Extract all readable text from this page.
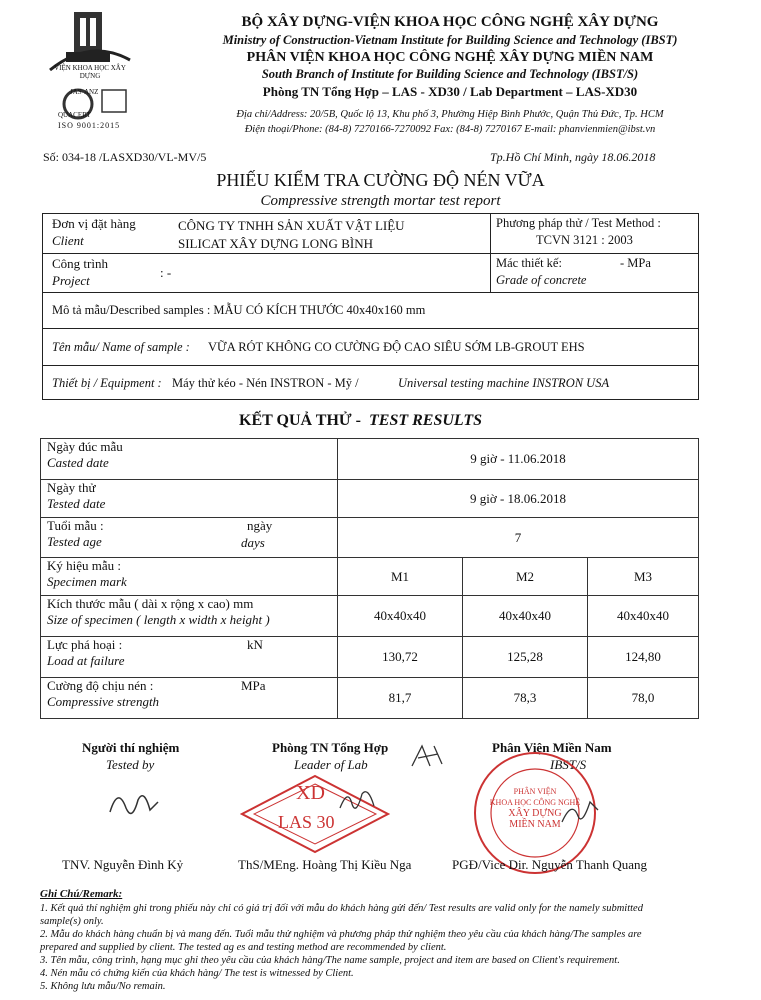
VIỆN KHOA HỌC XÂY DỰNG
JAS-ANZ
QUACERT
ISO 9001:2015
BỘ XÂY DỰNG-VIỆN KHOA HỌC CÔNG NGHỆ XÂY DỰNG
Ministry of Construction-Vietnam Institute for Building Science and Technology (IBST)
PHÂN VIỆN KHOA HỌC CÔNG NGHỆ XÂY DỰNG MIỀN NAM
South Branch of Institute for Building Science and Technology (IBST/S)
Phòng TN Tổng Hợp – LAS - XD30 / Lab Department – LAS-XD30
Địa chỉ/Address: 20/5B, Quốc lộ 13, Khu phố 3, Phường Hiệp Bình Phước, Quận Thủ Đức, Tp. HCM
Điện thoại/Phone: (84-8) 7270166-7270092 Fax: (84-8) 7270167 E-mail: phanvienmien@ibst.vn
Số: 034-18 /LASXD30/VL-MV/5	Tp.Hồ Chí Minh, ngày 18.06.2018
PHIẾU KIỂM TRA CƯỜNG ĐỘ NÉN VỮA
Compressive strength mortar test report
Đơn vị đặt hàng
Client
CÔNG TY TNHH SẢN XUẤT VẬT LIỆU
SILICAT XÂY DỰNG LONG BÌNH
Phương pháp thử / Test Method :
TCVN 3121 : 2003
Công trình
Project
: -
Mác thiết kế:	- MPa
Grade of concrete
Mô tả mẫu/Described samples : MẪU CÓ KÍCH THƯỚC 40x40x160 mm
Tên mẫu/ Name of sample : VỮA RÓT KHÔNG CO CƯỜNG ĐỘ CAO SIÊU SỚM LB-GROUT EHS
Thiết bị / Equipment : Máy thử kéo - Nén INSTRON - Mỹ /	Universal testing machine INSTRON USA
KẾT QUẢ THỬ - TEST RESULTS
Ngày đúc mẫu
Casted date	9 giờ - 11.06.2018		

Ngày thử
Tested date	9 giờ - 18.06.2018		

Tuổi mẫu :
Tested age
ngày
days	7		

Ký hiệu mẫu :
Specimen mark	M1	M2	M3

Kích thước mẫu ( dài x rộng x cao) mm
Size of specimen ( length x width x height )	40x40x40	40x40x40	40x40x40

Lực phá hoại :
Load at failure
kN	130,72	125,28	124,80

Cường độ chịu nén :
Compressive strength
MPa	81,7	78,3	78,0
Người thí nghiệm
Tested by
TNV. Nguyễn Đình Kỷ
Phòng TN Tổng Hợp
Leader of Lab
XD
LAS 30
ThS/MEng. Hoàng Thị Kiều Nga
Phân Viện Miền Nam
IBST/S
PHÂN VIỆN
KHOA HỌC CÔNG NGHỆ
XÂY DỰNG
MIỀN NAM
PGĐ/Vice Dir. Nguyễn Thanh Quang
Ghi Chú/Remark:
1. Kết quả thí nghiệm ghi trong phiếu này chỉ có giá trị đối với mẫu do khách hàng gửi đến/ Test results are valid only for the namely submitted
sample(s) only.
2. Mẫu do khách hàng chuẩn bị và mang đến. Tuổi mẫu thử nghiệm và phương pháp thử nghiệm theo yêu cầu của khách hàng/The samples are
prepared and supplied by client. The tested ag es and testing method are recommended by client.
3. Tên mẫu, công trình, hạng mục ghi theo yêu cầu của khách hàng/The name sample, project and item are based on Client's requirement.
4. Nén mẫu có chứng kiến của khách hàng/ The test is witnessed by Client.
5. Không lưu mẫu/No remain.
